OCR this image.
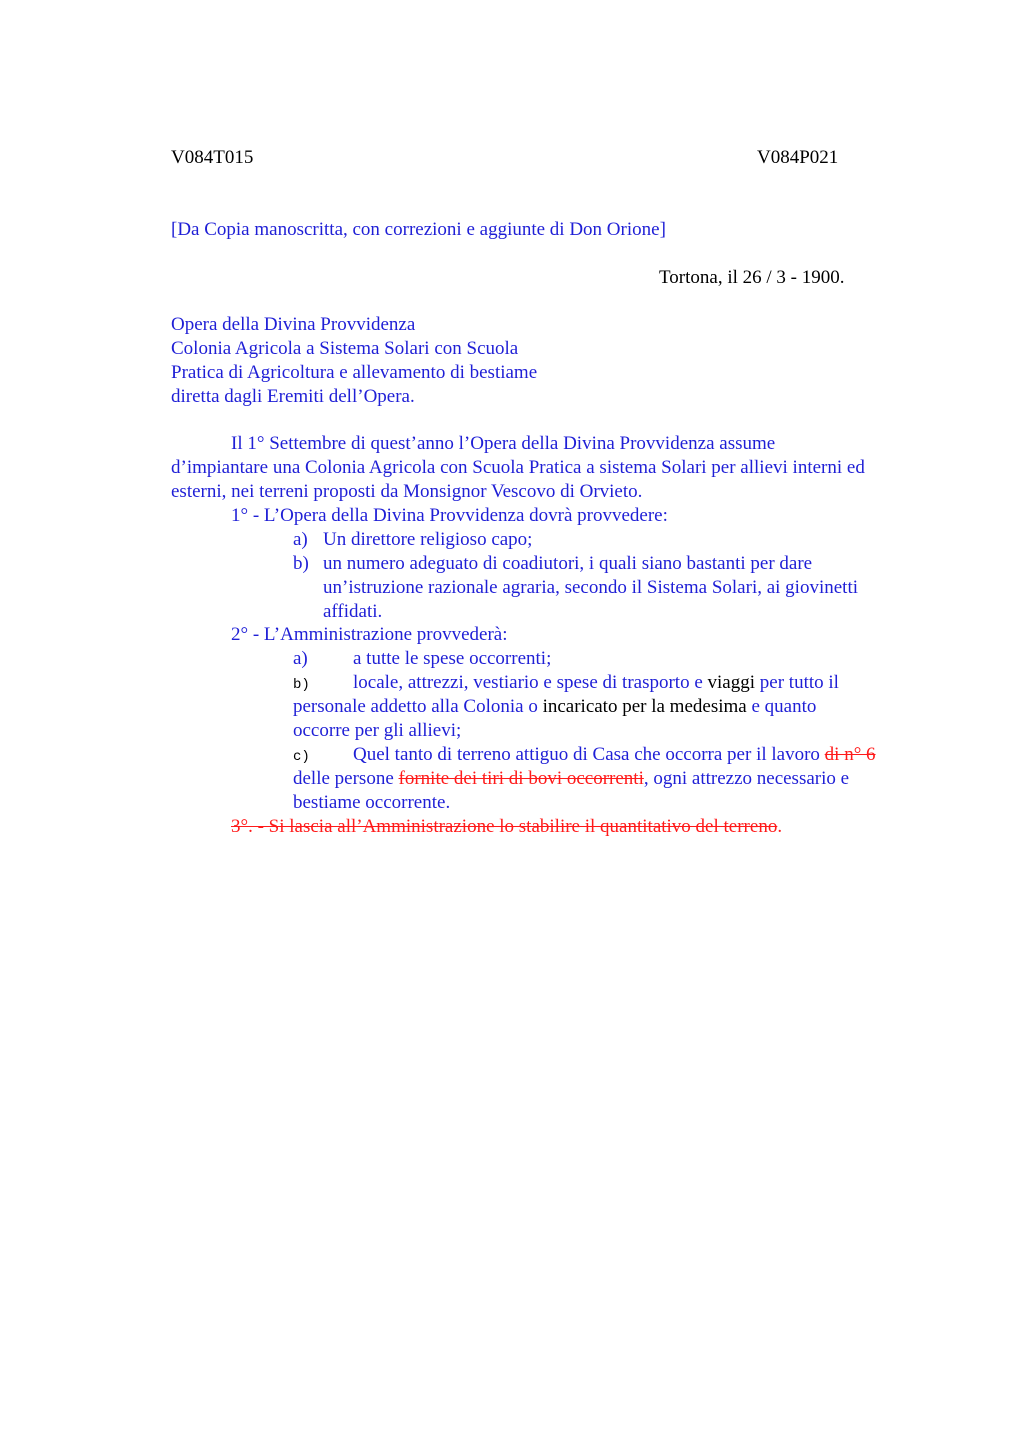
V084T015	V084P021
[Da Copia manoscritta, con correzioni e aggiunte di Don Orione]
Tortona, il 26 / 3 - 1900.
Opera della Divina Provvidenza
Colonia Agricola a Sistema Solari con Scuola
Pratica di Agricoltura e allevamento di bestiame
diretta dagli Eremiti dell’Opera.
Il 1° Settembre di quest’anno l’Opera della Divina Provvidenza assume
d’impiantare una Colonia Agricola con Scuola Pratica a sistema Solari per allievi interni ed
esterni, nei terreni proposti da Monsignor Vescovo di Orvieto.
1° - L’Opera della Divina Provvidenza dovrà provvedere:
a) Un direttore religioso capo;
b) un numero adeguato di coadiutori, i quali siano bastanti per dare
un’istruzione razionale agraria, secondo il Sistema Solari, ai giovinetti
affidati.
2° - L’Amministrazione provvederà:
a) a tutte le spese occorrenti;
b) locale, attrezzi, vestiario e spese di trasporto e viaggi per tutto il
personale addetto alla Colonia o incaricato per la medesima e quanto
occorre per gli allievi;
c) Quel tanto di terreno attiguo di Casa che occorra per il lavoro di n° 6
delle persone fornite dei tiri di bovi occorrenti, ogni attrezzo necessario e
bestiame occorrente.
3°. - Si lascia all’Amministrazione lo stabilire il quantitativo del terreno.
